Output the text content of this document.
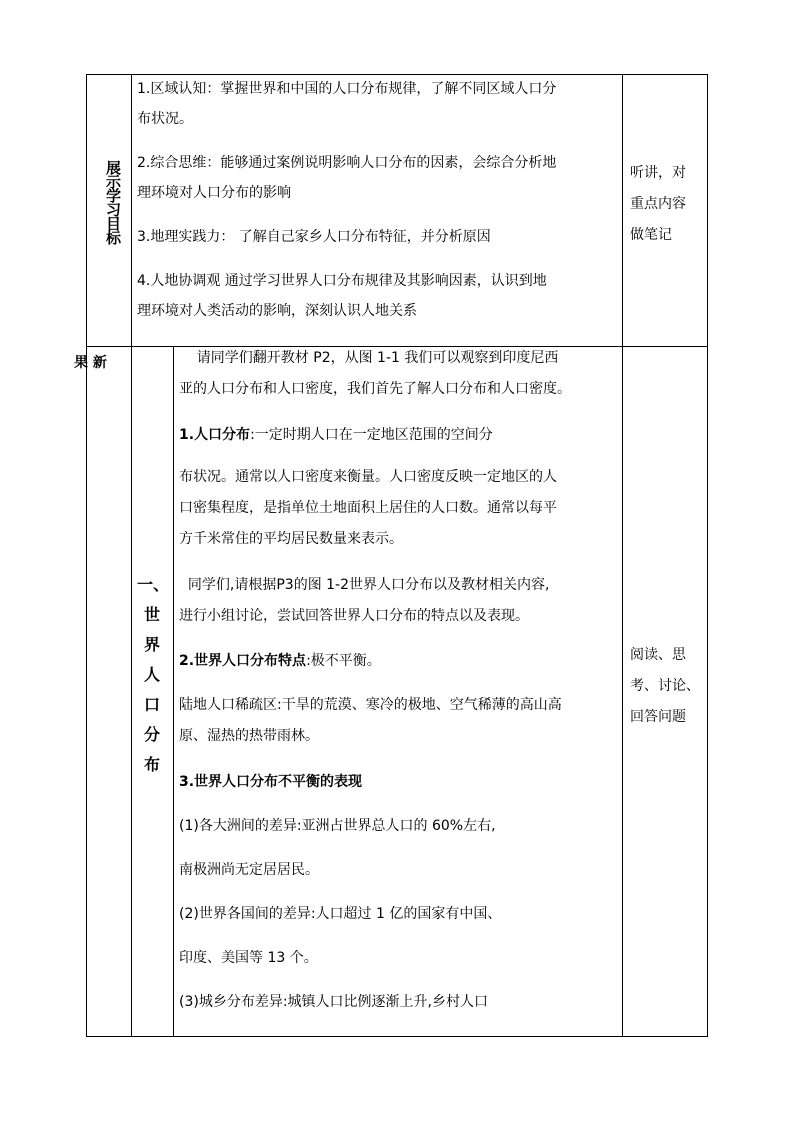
展示学习目标
1.区域认知：掌握世界和中国的人口分布规律，了解不同区域人口分
布状况。
2.综合思维：能够通过案例说明影响人口分布的因素，会综合分析地
理环境对人口分布的影响
3.地理实践力： 了解自己家乡人口分布特征，并分析原因
4.人地协调观 通过学习世界人口分布规律及其影响因素，认识到地
理环境对人类活动的影响，深刻认识人地关系
听讲，对
重点内容
做笔记
果 新
一、
世
界
人
口
分
布
请同学们翻开教材 P2，从图 1-1 我们可以观察到印度尼西
亚的人口分布和人口密度，我们首先了解人口分布和人口密度。
1.人口分布:一定时期人口在一定地区范围的空间分
布状况。通常以人口密度来衡量。人口密度反映一定地区的人
口密集程度，是指单位土地面积上居住的人口数。通常以每平
方千米常住的平均居民数量来表示。
同学们,请根据P3的图 1-2世界人口分布以及教材相关内容,
进行小组讨论，尝试回答世界人口分布的特点以及表现。
2.世界人口分布特点:极不平衡。
陆地人口稀疏区:干旱的荒漠、寒冷的极地、空气稀薄的高山高
原、湿热的热带雨林。
3.世界人口分布不平衡的表现
(1)各大洲间的差异:亚洲占世界总人口的 60%左右,
南极洲尚无定居居民。
(2)世界各国间的差异:人口超过 1 亿的国家有中国、
印度、美国等 13 个。
(3)城乡分布差异:城镇人口比例逐渐上升,乡村人口
阅读、思
考、讨论、
回答问题
